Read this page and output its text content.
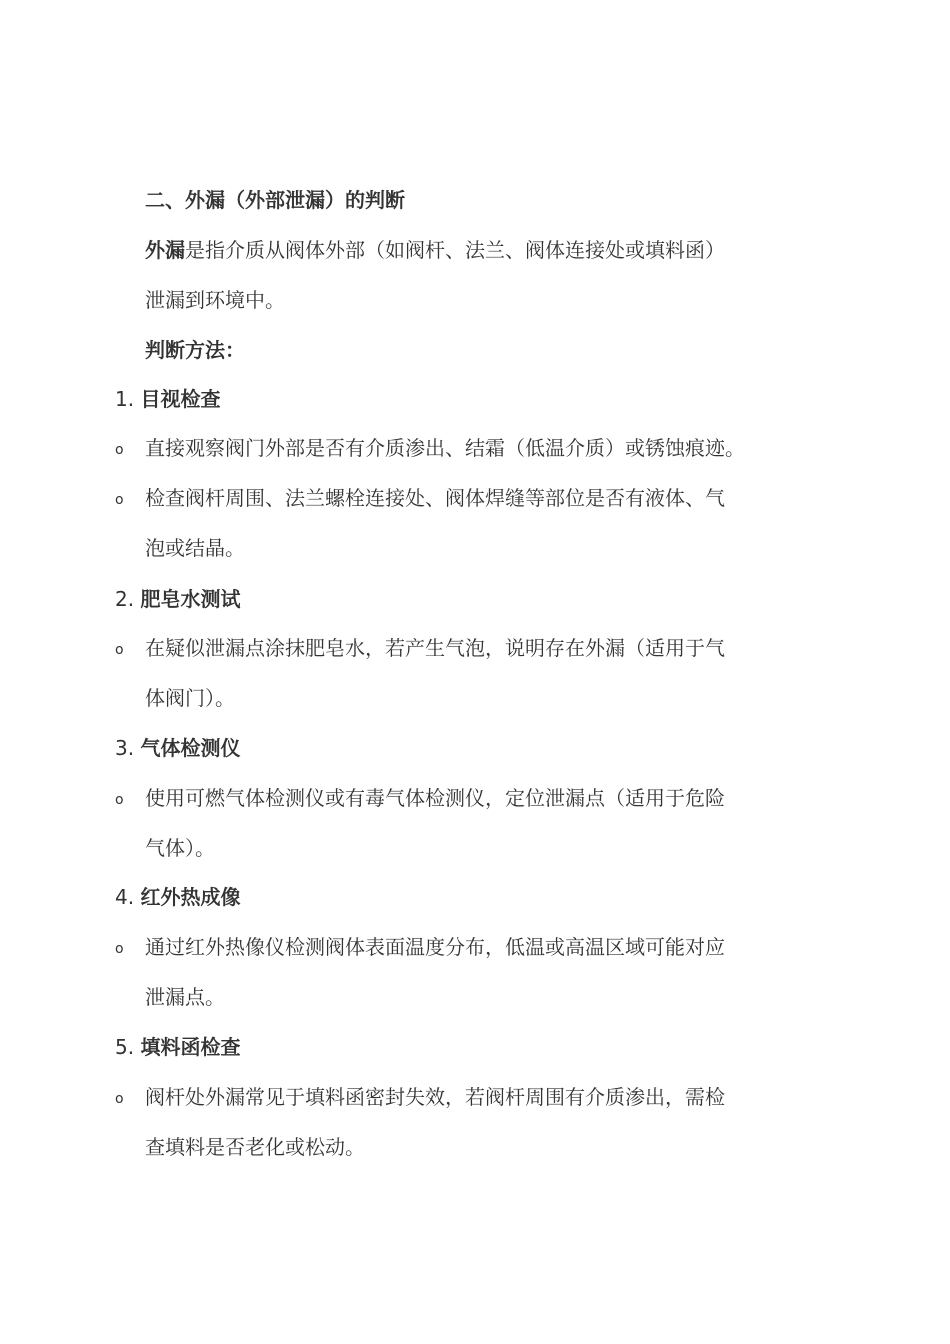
二、外漏（外部泄漏）的判断
外漏是指介质从阀体外部（如阀杆、法兰、阀体连接处或填料函）
泄漏到环境中。
判断方法：
1. 目视检查
o 直接观察阀门外部是否有介质渗出、结霜（低温介质）或锈蚀痕迹。
o 检查阀杆周围、法兰螺栓连接处、阀体焊缝等部位是否有液体、气
泡或结晶。
2. 肥皂水测试
o 在疑似泄漏点涂抹肥皂水，若产生气泡，说明存在外漏（适用于气
体阀门）。
3. 气体检测仪
o 使用可燃气体检测仪或有毒气体检测仪，定位泄漏点（适用于危险
气体）。
4. 红外热成像
o 通过红外热像仪检测阀体表面温度分布，低温或高温区域可能对应
泄漏点。
5. 填料函检查
o 阀杆处外漏常见于填料函密封失效，若阀杆周围有介质渗出，需检
查填料是否老化或松动。
